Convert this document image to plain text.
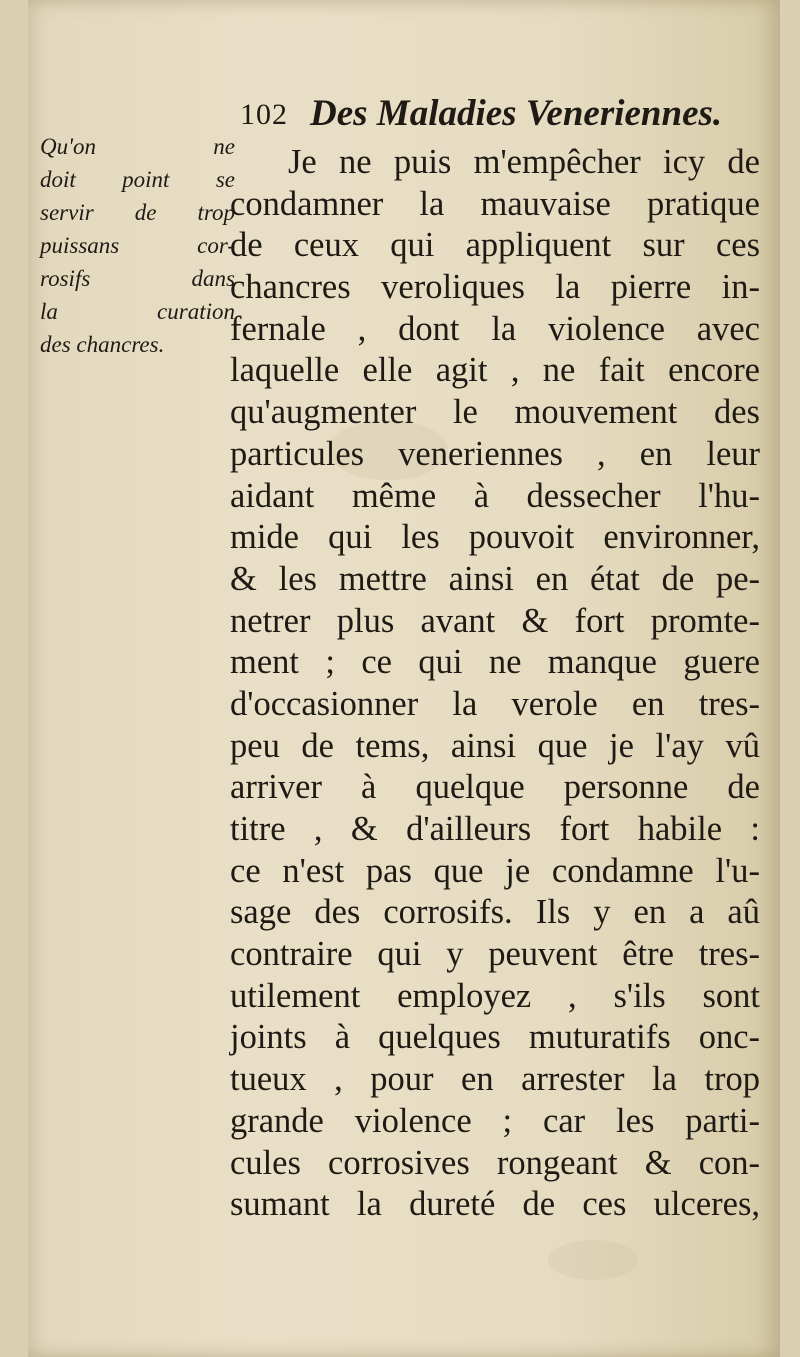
102 Des Maladies Veneriennes.
Qu'on ne
doit point se
servir de trop
puissans cor-
rosifs dans
la curation
des chancres.
Je ne puis m'empêcher icy de
condamner la mauvaise pratique
de ceux qui appliquent sur ces
chancres veroliques la pierre in-
fernale , dont la violence avec
laquelle elle agit , ne fait encore
qu'augmenter le mouvement des
particules veneriennes , en leur
aidant même à dessecher l'hu-
mide qui les pouvoit environner,
& les mettre ainsi en état de pe-
netrer plus avant & fort promte-
ment ; ce qui ne manque guere
d'occasionner la verole en tres-
peu de tems, ainsi que je l'ay vû
arriver à quelque personne de
titre , & d'ailleurs fort habile :
ce n'est pas que je condamne l'u-
sage des corrosifs. Ils y en a aû
contraire qui y peuvent être tres-
utilement employez , s'ils sont
joints à quelques muturatifs onc-
tueux , pour en arrester la trop
grande violence ; car les parti-
cules corrosives rongeant & con-
sumant la dureté de ces ulceres,
